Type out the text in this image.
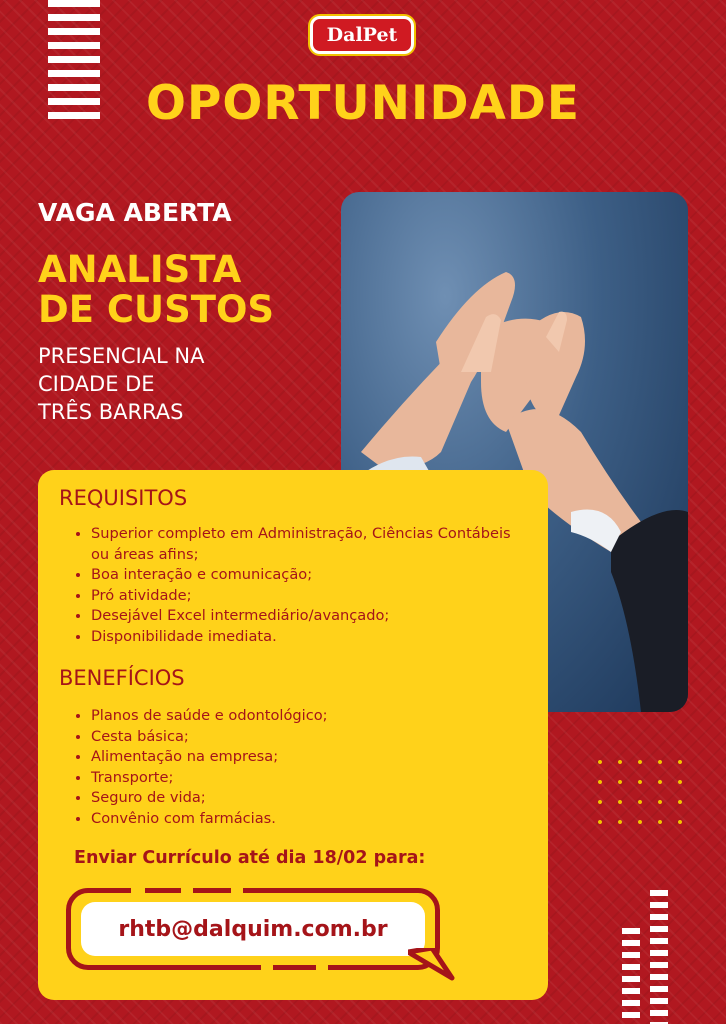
DalPet
OPORTUNIDADE
VAGA ABERTA
ANALISTA
DE CUSTOS
PRESENCIAL NA
CIDADE DE
TRÊS BARRAS
REQUISITOS
• Superior completo em Administração, Ciências Contábeis ou áreas afins;
• Boa interação e comunicação;
• Pró atividade;
• Desejável Excel intermediário/avançado;
• Disponibilidade imediata.
BENEFÍCIOS
• Planos de saúde e odontológico;
• Cesta básica;
• Alimentação na empresa;
• Transporte;
• Seguro de vida;
• Convênio com farmácias.
Enviar Currículo até dia 18/02 para:
rhtb@dalquim.com.br
